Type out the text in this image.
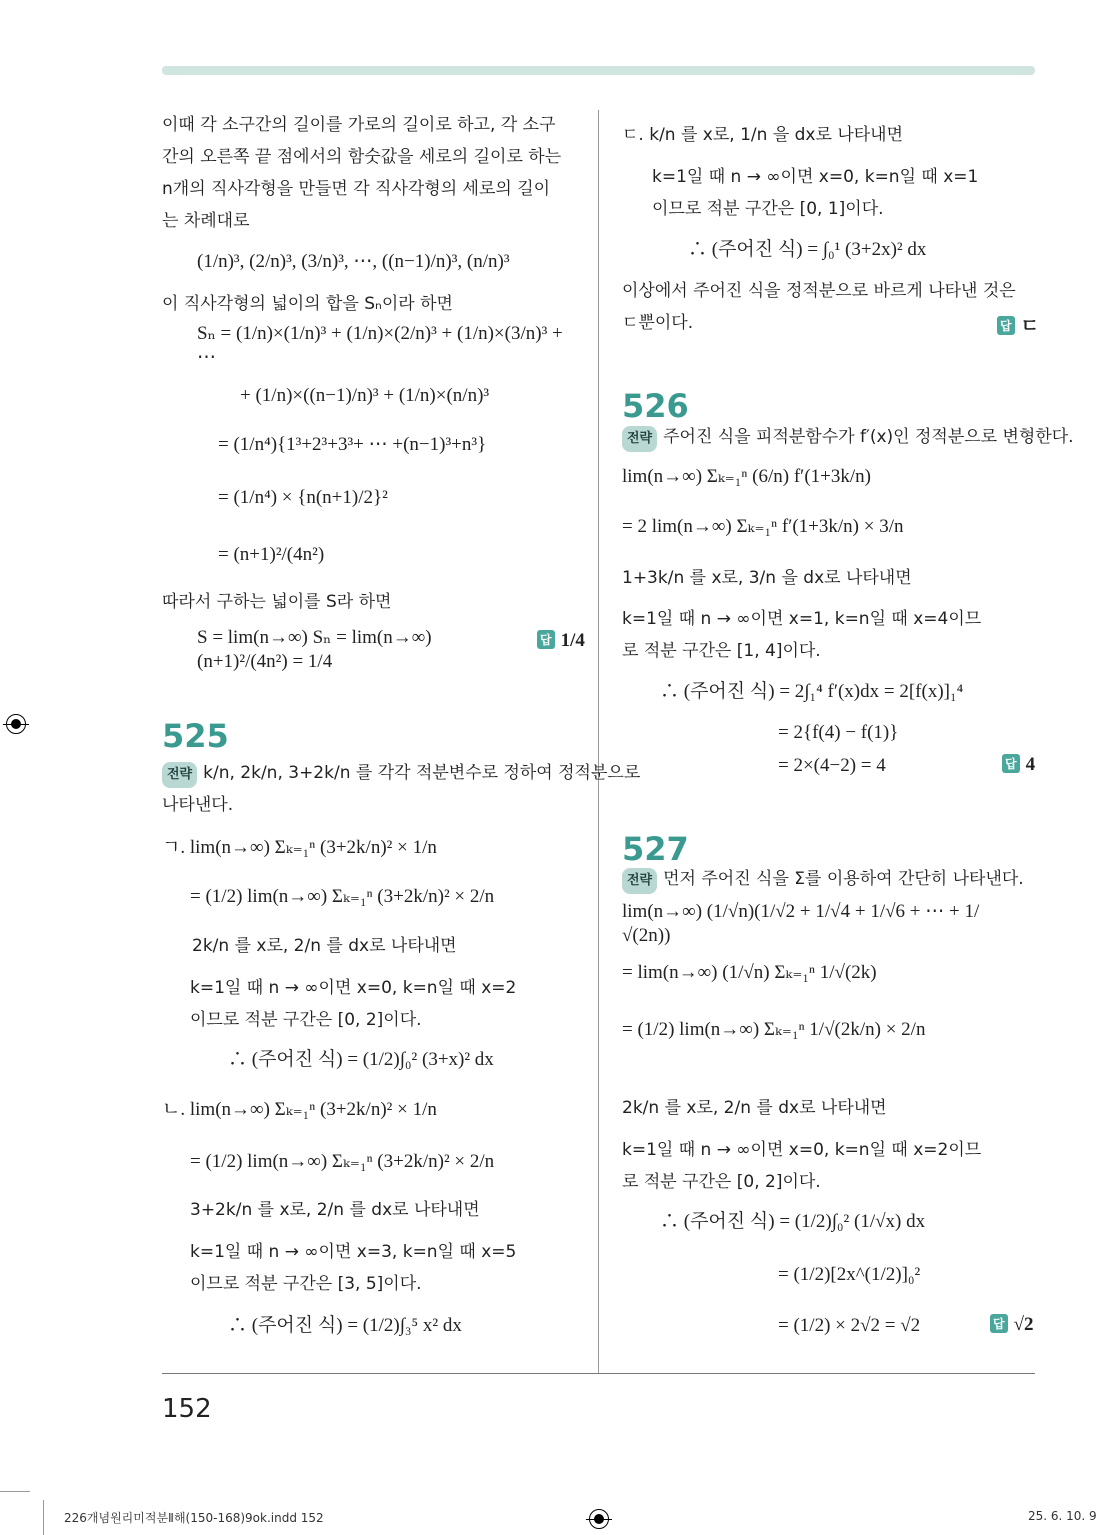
이때 각 소구간의 길이를 가로의 길이로 하고, 각 소구
간의 오른쪽 끝 점에서의 함숫값을 세로의 길이로 하는
n개의 직사각형을 만들면 각 직사각형의 세로의 길이
는 차례대로
(1/n)³, (2/n)³, (3/n)³, ⋯, ((n−1)/n)³, (n/n)³
이 직사각형의 넓이의 합을 Sₙ이라 하면
Sₙ = (1/n)×(1/n)³ + (1/n)×(2/n)³ + (1/n)×(3/n)³ + ⋯
+ (1/n)×((n−1)/n)³ + (1/n)×(n/n)³
= (1/n⁴){1³+2³+3³+ ⋯ +(n−1)³+n³}
= (1/n⁴) × {n(n+1)/2}²
= (n+1)²/(4n²)
따라서 구하는 넓이를 S라 하면
S = lim(n→∞) Sₙ = lim(n→∞) (n+1)²/(4n²) = 1/4
답 1/4
525
전략 k/n, 2k/n, 3+2k/n 를 각각 적분변수로 정하여 정적분으로
나타낸다.
ㄱ. lim(n→∞) Σₖ₌₁ⁿ (3+2k/n)² × 1/n
= (1/2) lim(n→∞) Σₖ₌₁ⁿ (3+2k/n)² × 2/n
2k/n 를 x로, 2/n 를 dx로 나타내면
k=1일 때 n → ∞이면 x=0, k=n일 때 x=2
이므로 적분 구간은 [0, 2]이다.
∴ (주어진 식) = (1/2)∫₀² (3+x)² dx
ㄴ. lim(n→∞) Σₖ₌₁ⁿ (3+2k/n)² × 1/n
= (1/2) lim(n→∞) Σₖ₌₁ⁿ (3+2k/n)² × 2/n
3+2k/n 를 x로, 2/n 를 dx로 나타내면
k=1일 때 n → ∞이면 x=3, k=n일 때 x=5
이므로 적분 구간은 [3, 5]이다.
∴ (주어진 식) = (1/2)∫₃⁵ x² dx
ㄷ. k/n 를 x로, 1/n 을 dx로 나타내면
k=1일 때 n → ∞이면 x=0, k=n일 때 x=1
이므로 적분 구간은 [0, 1]이다.
∴ (주어진 식) = ∫₀¹ (3+2x)² dx
이상에서 주어진 식을 정적분으로 바르게 나타낸 것은
ㄷ뿐이다.	답 ㄷ
526
전략 주어진 식을 피적분함수가 f′(x)인 정적분으로 변형한다.
lim(n→∞) Σₖ₌₁ⁿ (6/n) f′(1+3k/n)
= 2 lim(n→∞) Σₖ₌₁ⁿ f′(1+3k/n) × 3/n
1+3k/n 를 x로, 3/n 을 dx로 나타내면
k=1일 때 n → ∞이면 x=1, k=n일 때 x=4이므
로 적분 구간은 [1, 4]이다.
∴ (주어진 식) = 2∫₁⁴ f′(x)dx = 2[f(x)]₁⁴
= 2{f(4) − f(1)}
= 2×(4−2) = 4	답 4
527
전략 먼저 주어진 식을 Σ를 이용하여 간단히 나타낸다.
lim(n→∞) (1/√n)(1/√2 + 1/√4 + 1/√6 + ⋯ + 1/√(2n))
= lim(n→∞) (1/√n) Σₖ₌₁ⁿ 1/√(2k)
= (1/2) lim(n→∞) Σₖ₌₁ⁿ 1/√(2k/n) × 2/n
2k/n 를 x로, 2/n 를 dx로 나타내면
k=1일 때 n → ∞이면 x=0, k=n일 때 x=2이므
로 적분 구간은 [0, 2]이다.
∴ (주어진 식) = (1/2)∫₀² (1/√x) dx
= (1/2)[2x^(1/2)]₀²
= (1/2) × 2√2 = √2	답 √2
152
226개념원리미적분Ⅱ해(150-168)9ok.indd 152	25. 6. 10. 9
